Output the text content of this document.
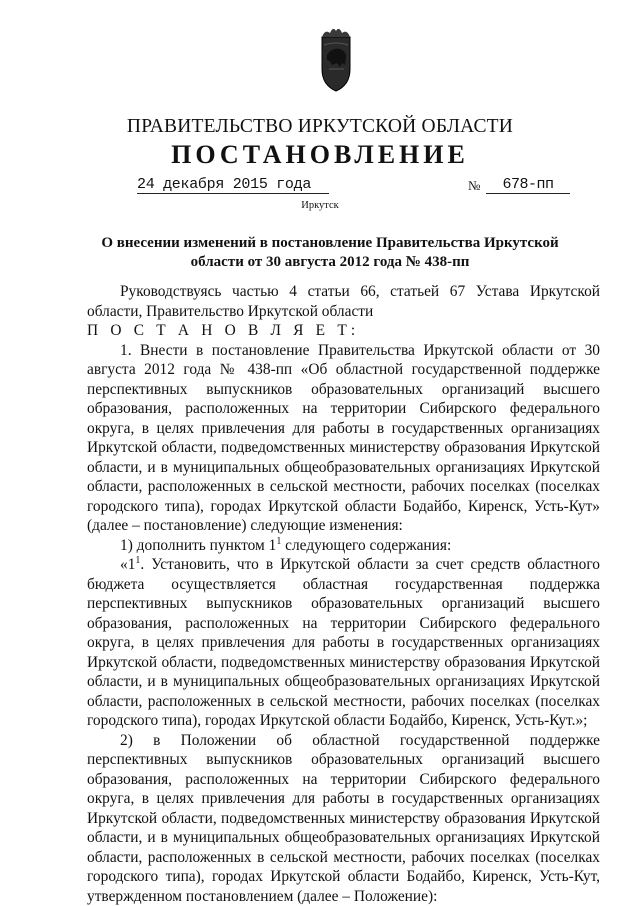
ПРАВИТЕЛЬСТВО ИРКУТСКОЙ ОБЛАСТИ
ПОСТАНОВЛЕНИЕ
24 декабря 2015 года	№	678-пп
Иркутск
О внесении изменений в постановление Правительства Иркутской области от 30 августа 2012 года № 438-пп

Руководствуясь частью 4 статьи 66, статьей 67 Устава Иркутской области, Правительство Иркутской области

П О С Т А Н О В Л Я Е Т:

1. Внести в постановление Правительства Иркутской области от 30 августа 2012 года № 438-пп «Об областной государственной поддержке перспективных выпускников образовательных организаций высшего образования, расположенных на территории Сибирского федерального округа, в целях привлечения для работы в государственных организациях Иркутской области, подведомственных министерству образования Иркутской области, и в муниципальных общеобразовательных организациях Иркутской области, расположенных в сельской местности, рабочих поселках (поселках городского типа), городах Иркутской области Бодайбо, Киренск, Усть-Кут» (далее – постановление) следующие изменения:

1) дополнить пунктом $1^1$ следующего содержания:

«$1^1$. Установить, что в Иркутской области за счет средств областного бюджета осуществляется областная государственная поддержка перспективных выпускников образовательных организаций высшего образования, расположенных на территории Сибирского федерального округа, в целях привлечения для работы в государственных организациях Иркутской области, подведомственных министерству образования Иркутской области, и в муниципальных общеобразовательных организациях Иркутской области, расположенных в сельской местности, рабочих поселках (поселках городского типа), городах Иркутской области Бодайбо, Киренск, Усть-Кут.»;

2) в Положении об областной государственной поддержке перспективных выпускников образовательных организаций высшего образования, расположенных на территории Сибирского федерального округа, в целях привлечения для работы в государственных организациях Иркутской области, подведомственных министерству образования Иркутской области, и в муниципальных общеобразовательных организациях Иркутской области, расположенных в сельской местности, рабочих поселках (поселках городского типа), городах Иркутской области Бодайбо, Киренск, Усть-Кут, утвержденном постановлением (далее – Положение):
